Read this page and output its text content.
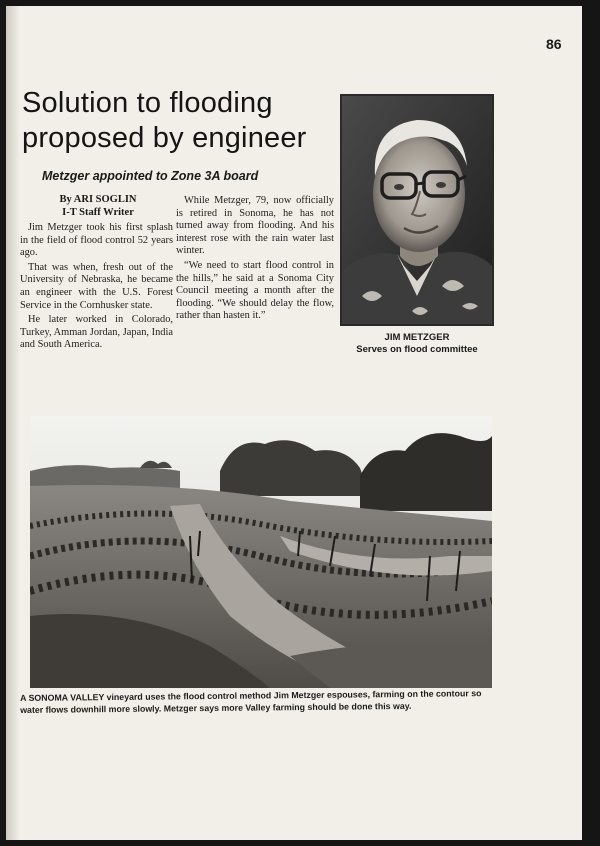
86

Solution to flooding
proposed by engineer
Metzger appointed to Zone 3A board
By ARI SOGLIN
I-T Staff Writer

Jim Metzger took his first splash in the field of flood control 52 years ago.

That was when, fresh out of the University of Nebraska, he became an engineer with the U.S. Forest Service in the Cornhusker state.

He later worked in Colorado, Turkey, Amman Jordan, Japan, India and South America.

While Metzger, 79, now officially is retired in Sonoma, he has not turned away from flooding. And his interest rose with the rain water last winter.

“We need to start flood control in the hills,” he said at a Sonoma City Council meeting a month after the flooding. “We should delay the flow, rather than hasten it.”

JIM METZGER
Serves on flood committee

A SONOMA VALLEY vineyard uses the flood control method Jim Metzger espouses, farming on the contour so water flows downhill more slowly. Metzger says more Valley farming should be done this way.
